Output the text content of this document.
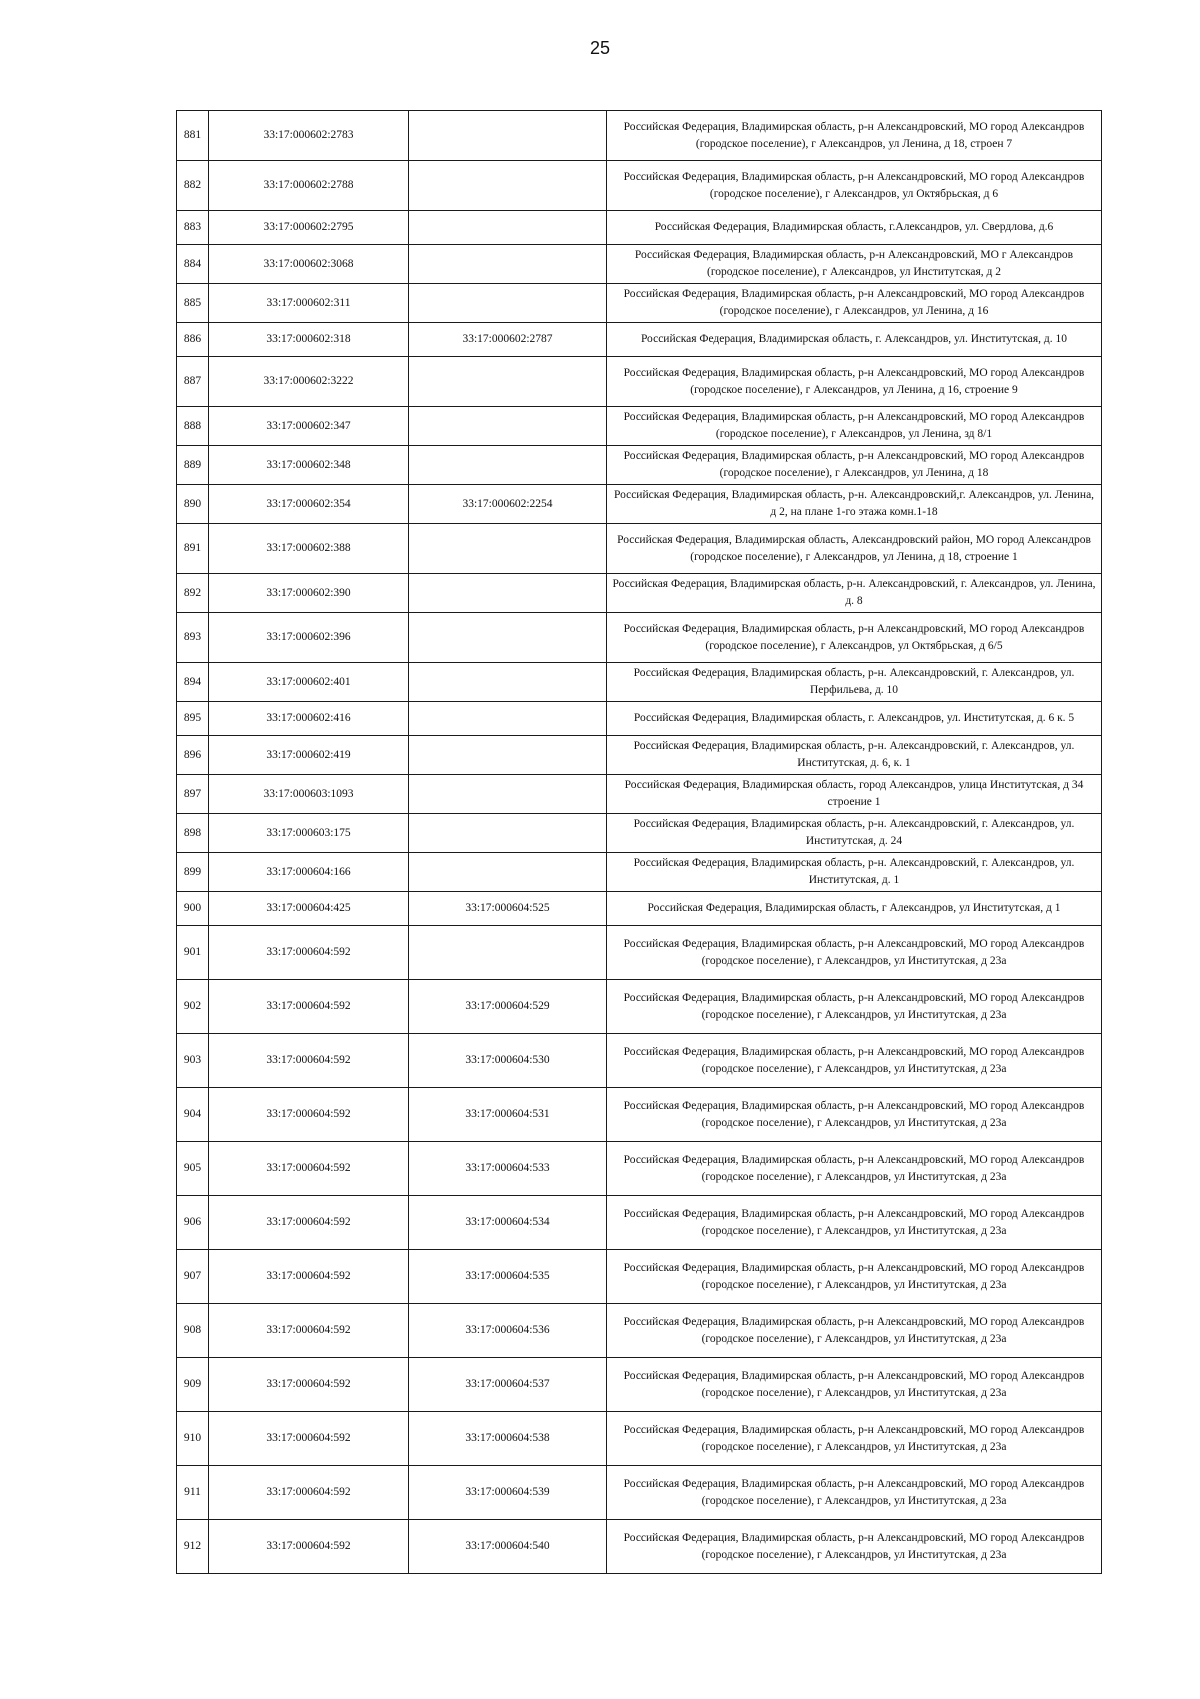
25
881	33:17:000602:2783		Российская Федерация, Владимирская область, р-н Александровский, МО город Александров (городское поселение), г Александров, ул Ленина, д 18, строен 7
882	33:17:000602:2788		Российская Федерация, Владимирская область, р-н Александровский, МО город Александров (городское поселение), г Александров, ул Октябрьская, д 6
883	33:17:000602:2795		Российская Федерация, Владимирская область, г.Александров, ул. Свердлова, д.6
884	33:17:000602:3068		Российская Федерация, Владимирская область, р-н Александровский, МО г Александров (городское поселение), г Александров, ул Институтская, д 2
885	33:17:000602:311		Российская Федерация, Владимирская область, р-н Александровский, МО город Александров (городское поселение), г Александров, ул Ленина, д 16
886	33:17:000602:318	33:17:000602:2787	Российская Федерация, Владимирская область, г. Александров, ул. Институтская, д. 10
887	33:17:000602:3222		Российская Федерация, Владимирская область, р-н Александровский, МО город Александров (городское поселение), г Александров, ул Ленина, д 16, строение 9
888	33:17:000602:347		Российская Федерация, Владимирская область, р-н Александровский, МО город Александров (городское поселение), г Александров, ул Ленина, зд 8/1
889	33:17:000602:348		Российская Федерация, Владимирская область, р-н Александровский, МО город Александров (городское поселение), г Александров, ул Ленина, д 18
890	33:17:000602:354	33:17:000602:2254	Российская Федерация, Владимирская область, р-н. Александровский,г. Александров, ул. Ленина, д 2, на плане 1-го этажа комн.1-18
891	33:17:000602:388		Российская Федерация, Владимирская область, Александровский район, МО город Александров (городское поселение), г Александров, ул Ленина, д 18, строение 1
892	33:17:000602:390		Российская Федерация, Владимирская область, р-н. Александровский, г. Александров, ул. Ленина, д. 8
893	33:17:000602:396		Российская Федерация, Владимирская область, р-н Александровский, МО город Александров (городское поселение), г Александров, ул Октябрьская, д 6/5
894	33:17:000602:401		Российская Федерация, Владимирская область, р-н. Александровский, г. Александров, ул. Перфильева, д. 10
895	33:17:000602:416		Российская Федерация, Владимирская область, г. Александров, ул. Институтская, д. 6 к. 5
896	33:17:000602:419		Российская Федерация, Владимирская область, р-н. Александровский, г. Александров, ул. Институтская, д. 6, к. 1
897	33:17:000603:1093		Российская Федерация, Владимирская область, город Александров, улица Институтская, д 34 строение 1
898	33:17:000603:175		Российская Федерация, Владимирская область, р-н. Александровский, г. Александров, ул. Институтская, д. 24
899	33:17:000604:166		Российская Федерация, Владимирская область, р-н. Александровский, г. Александров, ул. Институтская, д. 1
900	33:17:000604:425	33:17:000604:525	Российская Федерация, Владимирская область, г Александров, ул Институтская, д 1
901	33:17:000604:592		Российская Федерация, Владимирская область, р-н Александровский, МО город Александров (городское поселение), г Александров, ул Институтская, д 23а
902	33:17:000604:592	33:17:000604:529	Российская Федерация, Владимирская область, р-н Александровский, МО город Александров (городское поселение), г Александров, ул Институтская, д 23а
903	33:17:000604:592	33:17:000604:530	Российская Федерация, Владимирская область, р-н Александровский, МО город Александров (городское поселение), г Александров, ул Институтская, д 23а
904	33:17:000604:592	33:17:000604:531	Российская Федерация, Владимирская область, р-н Александровский, МО город Александров (городское поселение), г Александров, ул Институтская, д 23а
905	33:17:000604:592	33:17:000604:533	Российская Федерация, Владимирская область, р-н Александровский, МО город Александров (городское поселение), г Александров, ул Институтская, д 23а
906	33:17:000604:592	33:17:000604:534	Российская Федерация, Владимирская область, р-н Александровский, МО город Александров (городское поселение), г Александров, ул Институтская, д 23а
907	33:17:000604:592	33:17:000604:535	Российская Федерация, Владимирская область, р-н Александровский, МО город Александров (городское поселение), г Александров, ул Институтская, д 23а
908	33:17:000604:592	33:17:000604:536	Российская Федерация, Владимирская область, р-н Александровский, МО город Александров (городское поселение), г Александров, ул Институтская, д 23а
909	33:17:000604:592	33:17:000604:537	Российская Федерация, Владимирская область, р-н Александровский, МО город Александров (городское поселение), г Александров, ул Институтская, д 23а
910	33:17:000604:592	33:17:000604:538	Российская Федерация, Владимирская область, р-н Александровский, МО город Александров (городское поселение), г Александров, ул Институтская, д 23а
911	33:17:000604:592	33:17:000604:539	Российская Федерация, Владимирская область, р-н Александровский, МО город Александров (городское поселение), г Александров, ул Институтская, д 23а
912	33:17:000604:592	33:17:000604:540	Российская Федерация, Владимирская область, р-н Александровский, МО город Александров (городское поселение), г Александров, ул Институтская, д 23а
